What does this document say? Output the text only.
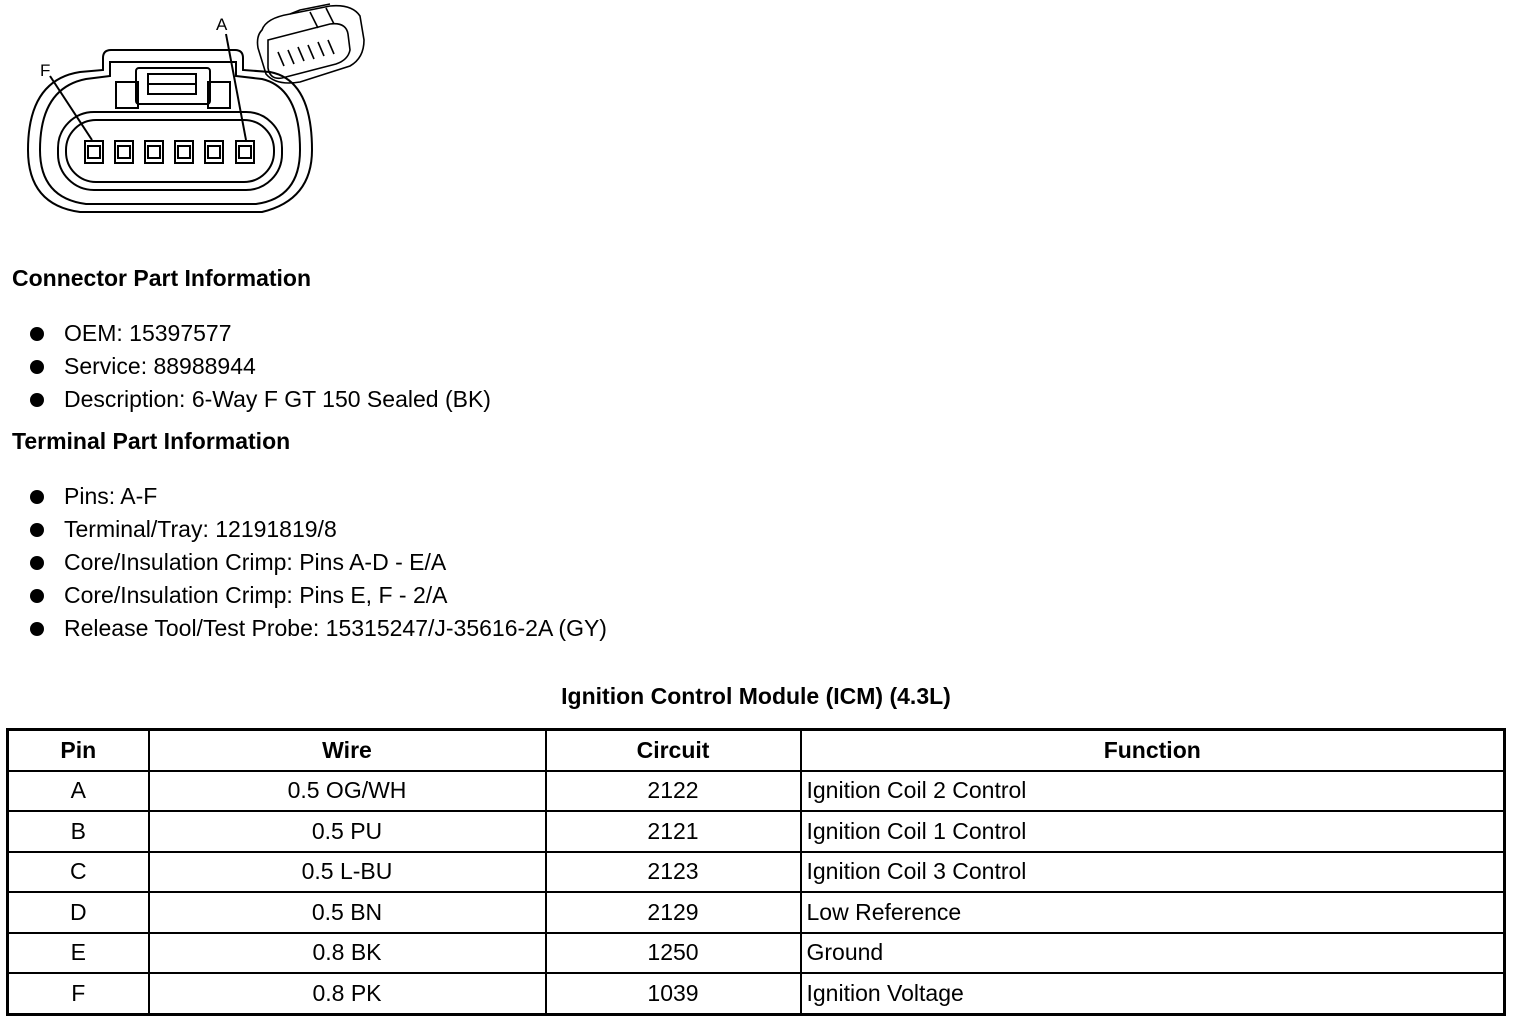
F
A
Connector Part Information
OEM: 15397577
Service: 88988944
Description: 6-Way F GT 150 Sealed (BK)
Terminal Part Information
Pins: A-F
Terminal/Tray: 12191819/8
Core/Insulation Crimp: Pins A-D - E/A
Core/Insulation Crimp: Pins E, F - 2/A
Release Tool/Test Probe: 15315247/J-35616-2A (GY)
Ignition Control Module (ICM) (4.3L)
Pin	Wire	Circuit	Function
A	0.5 OG/WH	2122	Ignition Coil 2 Control
B	0.5 PU	2121	Ignition Coil 1 Control
C	0.5 L-BU	2123	Ignition Coil 3 Control
D	0.5 BN	2129	Low Reference
E	0.8 BK	1250	Ground
F	0.8 PK	1039	Ignition Voltage
